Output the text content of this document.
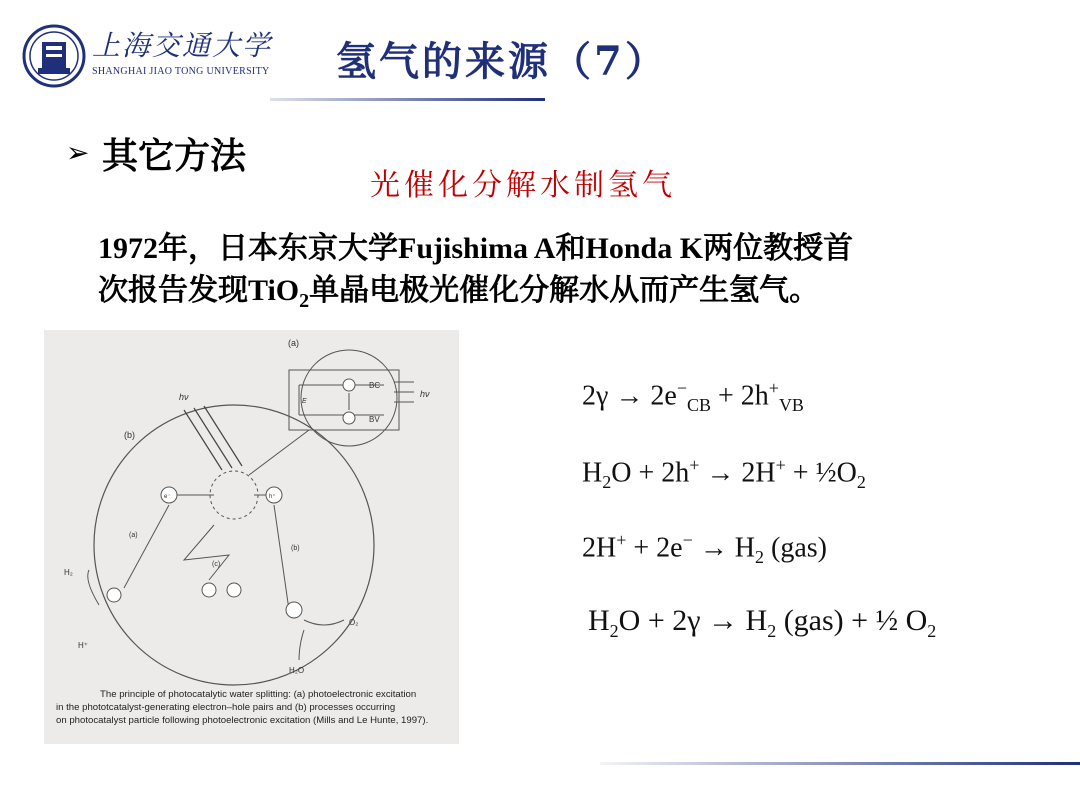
上海交通大学
SHANGHAI JIAO TONG UNIVERSITY 氢气的来源（7）
➢ 其它方法
光催化分解水制氢气
1972年，日本东京大学Fujishima A和Honda K两位教授首
次报告发现TiO$_2$单晶电极光催化分解水从而产生氢气。
(a)
(b)
BC
BV
E
hν	hν
e⁻	h⁺
(a)
(b)
(c)
H₂
H⁺
O₂
H₂O
The principle of photocatalytic water splitting: (a) photoelectronic excitation
in the phototcatalyst-generating electron–hole pairs and (b) processes occurring
on photocatalyst particle following photoelectronic excitation (Mills and Le Hunte, 1997).
$2\gamma \to 2e^-_{CB} + 2h^+_{VB}$
$H_2O + 2h^+ \to 2H^+$ + $\frac{1}{2}O_2$
$2H^+ + 2e^- \to H_2$ (gas)
$H_2O + 2\gamma \to H_2$ (gas) + ½ $O_2$
